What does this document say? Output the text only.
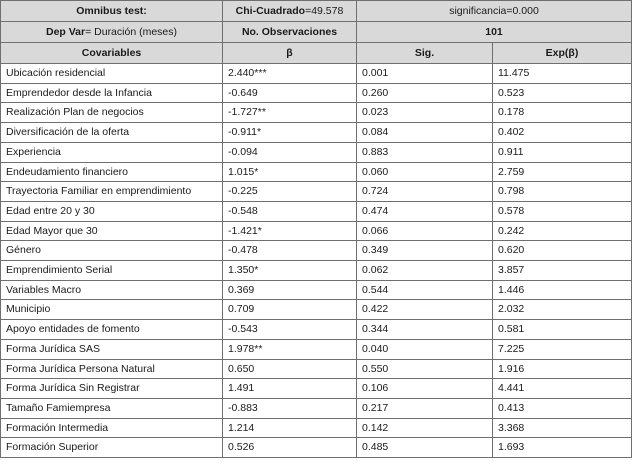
Omnibus test:	Chi-Cuadrado=49.578	significancia=0.000	
Dep Var= Duración (meses)	No. Observaciones	101	
Covariables	β	Sig.	Exp(β)
Ubicación residencial	2.440***	0.001	11.475
Emprendedor desde la Infancia	-0.649	0.260	0.523
Realización Plan de negocios	-1.727**	0.023	0.178
Diversificación de la oferta	-0.911*	0.084	0.402
Experiencia	-0.094	0.883	0.911
Endeudamiento financiero	1.015*	0.060	2.759
Trayectoria Familiar en emprendimiento	-0.225	0.724	0.798
Edad entre 20 y 30	-0.548	0.474	0.578
Edad Mayor que 30	-1.421*	0.066	0.242
Género	-0.478	0.349	0.620
Emprendimiento Serial	1.350*	0.062	3.857
Variables Macro	0.369	0.544	1.446
Municipio	0.709	0.422	2.032
Apoyo entidades de fomento	-0.543	0.344	0.581
Forma Jurídica SAS	1.978**	0.040	7.225
Forma Jurídica Persona Natural	0.650	0.550	1.916
Forma Jurídica Sin Registrar	1.491	0.106	4.441
Tamaño Famiempresa	-0.883	0.217	0.413
Formación Intermedia	1.214	0.142	3.368
Formación Superior	0.526	0.485	1.693
